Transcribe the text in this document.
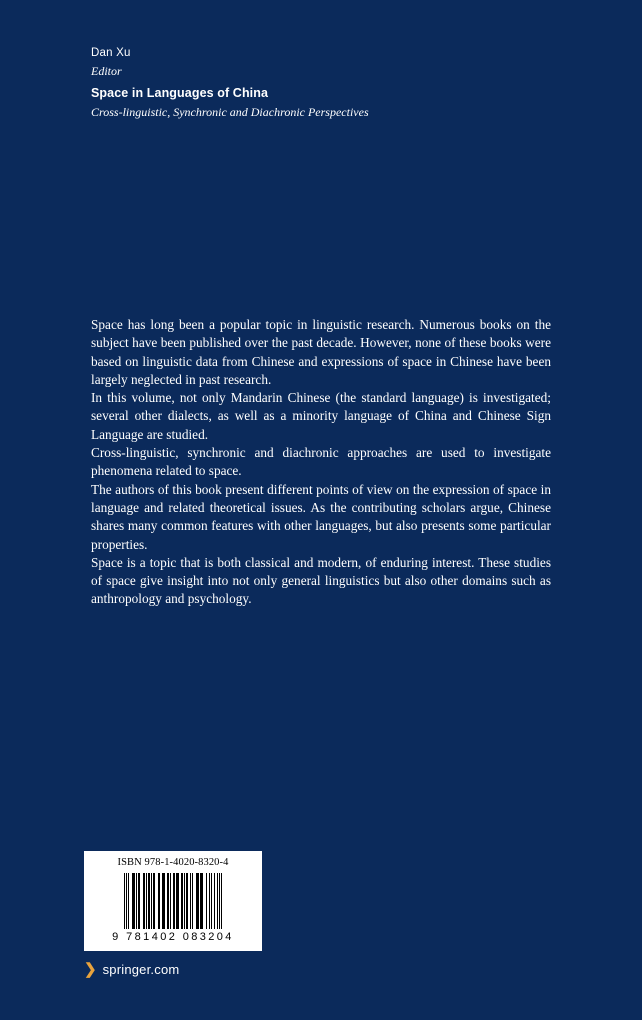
Dan Xu
Editor
Space in Languages of China
Cross-linguistic, Synchronic and Diachronic Perspectives

Space has long been a popular topic in linguistic research. Numerous books on the subject have been published over the past decade. However, none of these books were based on linguistic data from Chinese and expressions of space in Chinese have been largely neglected in past research.

In this volume, not only Mandarin Chinese (the standard language) is investigated; several other dialects, as well as a minority language of China and Chinese Sign Language are studied.

Cross-linguistic, synchronic and diachronic approaches are used to investigate phenomena related to space.

The authors of this book present different points of view on the expression of space in language and related theoretical issues. As the contributing scholars argue, Chinese shares many common features with other languages, but also presents some particular properties.

Space is a topic that is both classical and modern, of enduring interest. These studies of space give insight into not only general linguistics but also other domains such as anthropology and psychology.

ISBN 978-1-4020-8320-4
9 781402 083204
❯ springer.com
